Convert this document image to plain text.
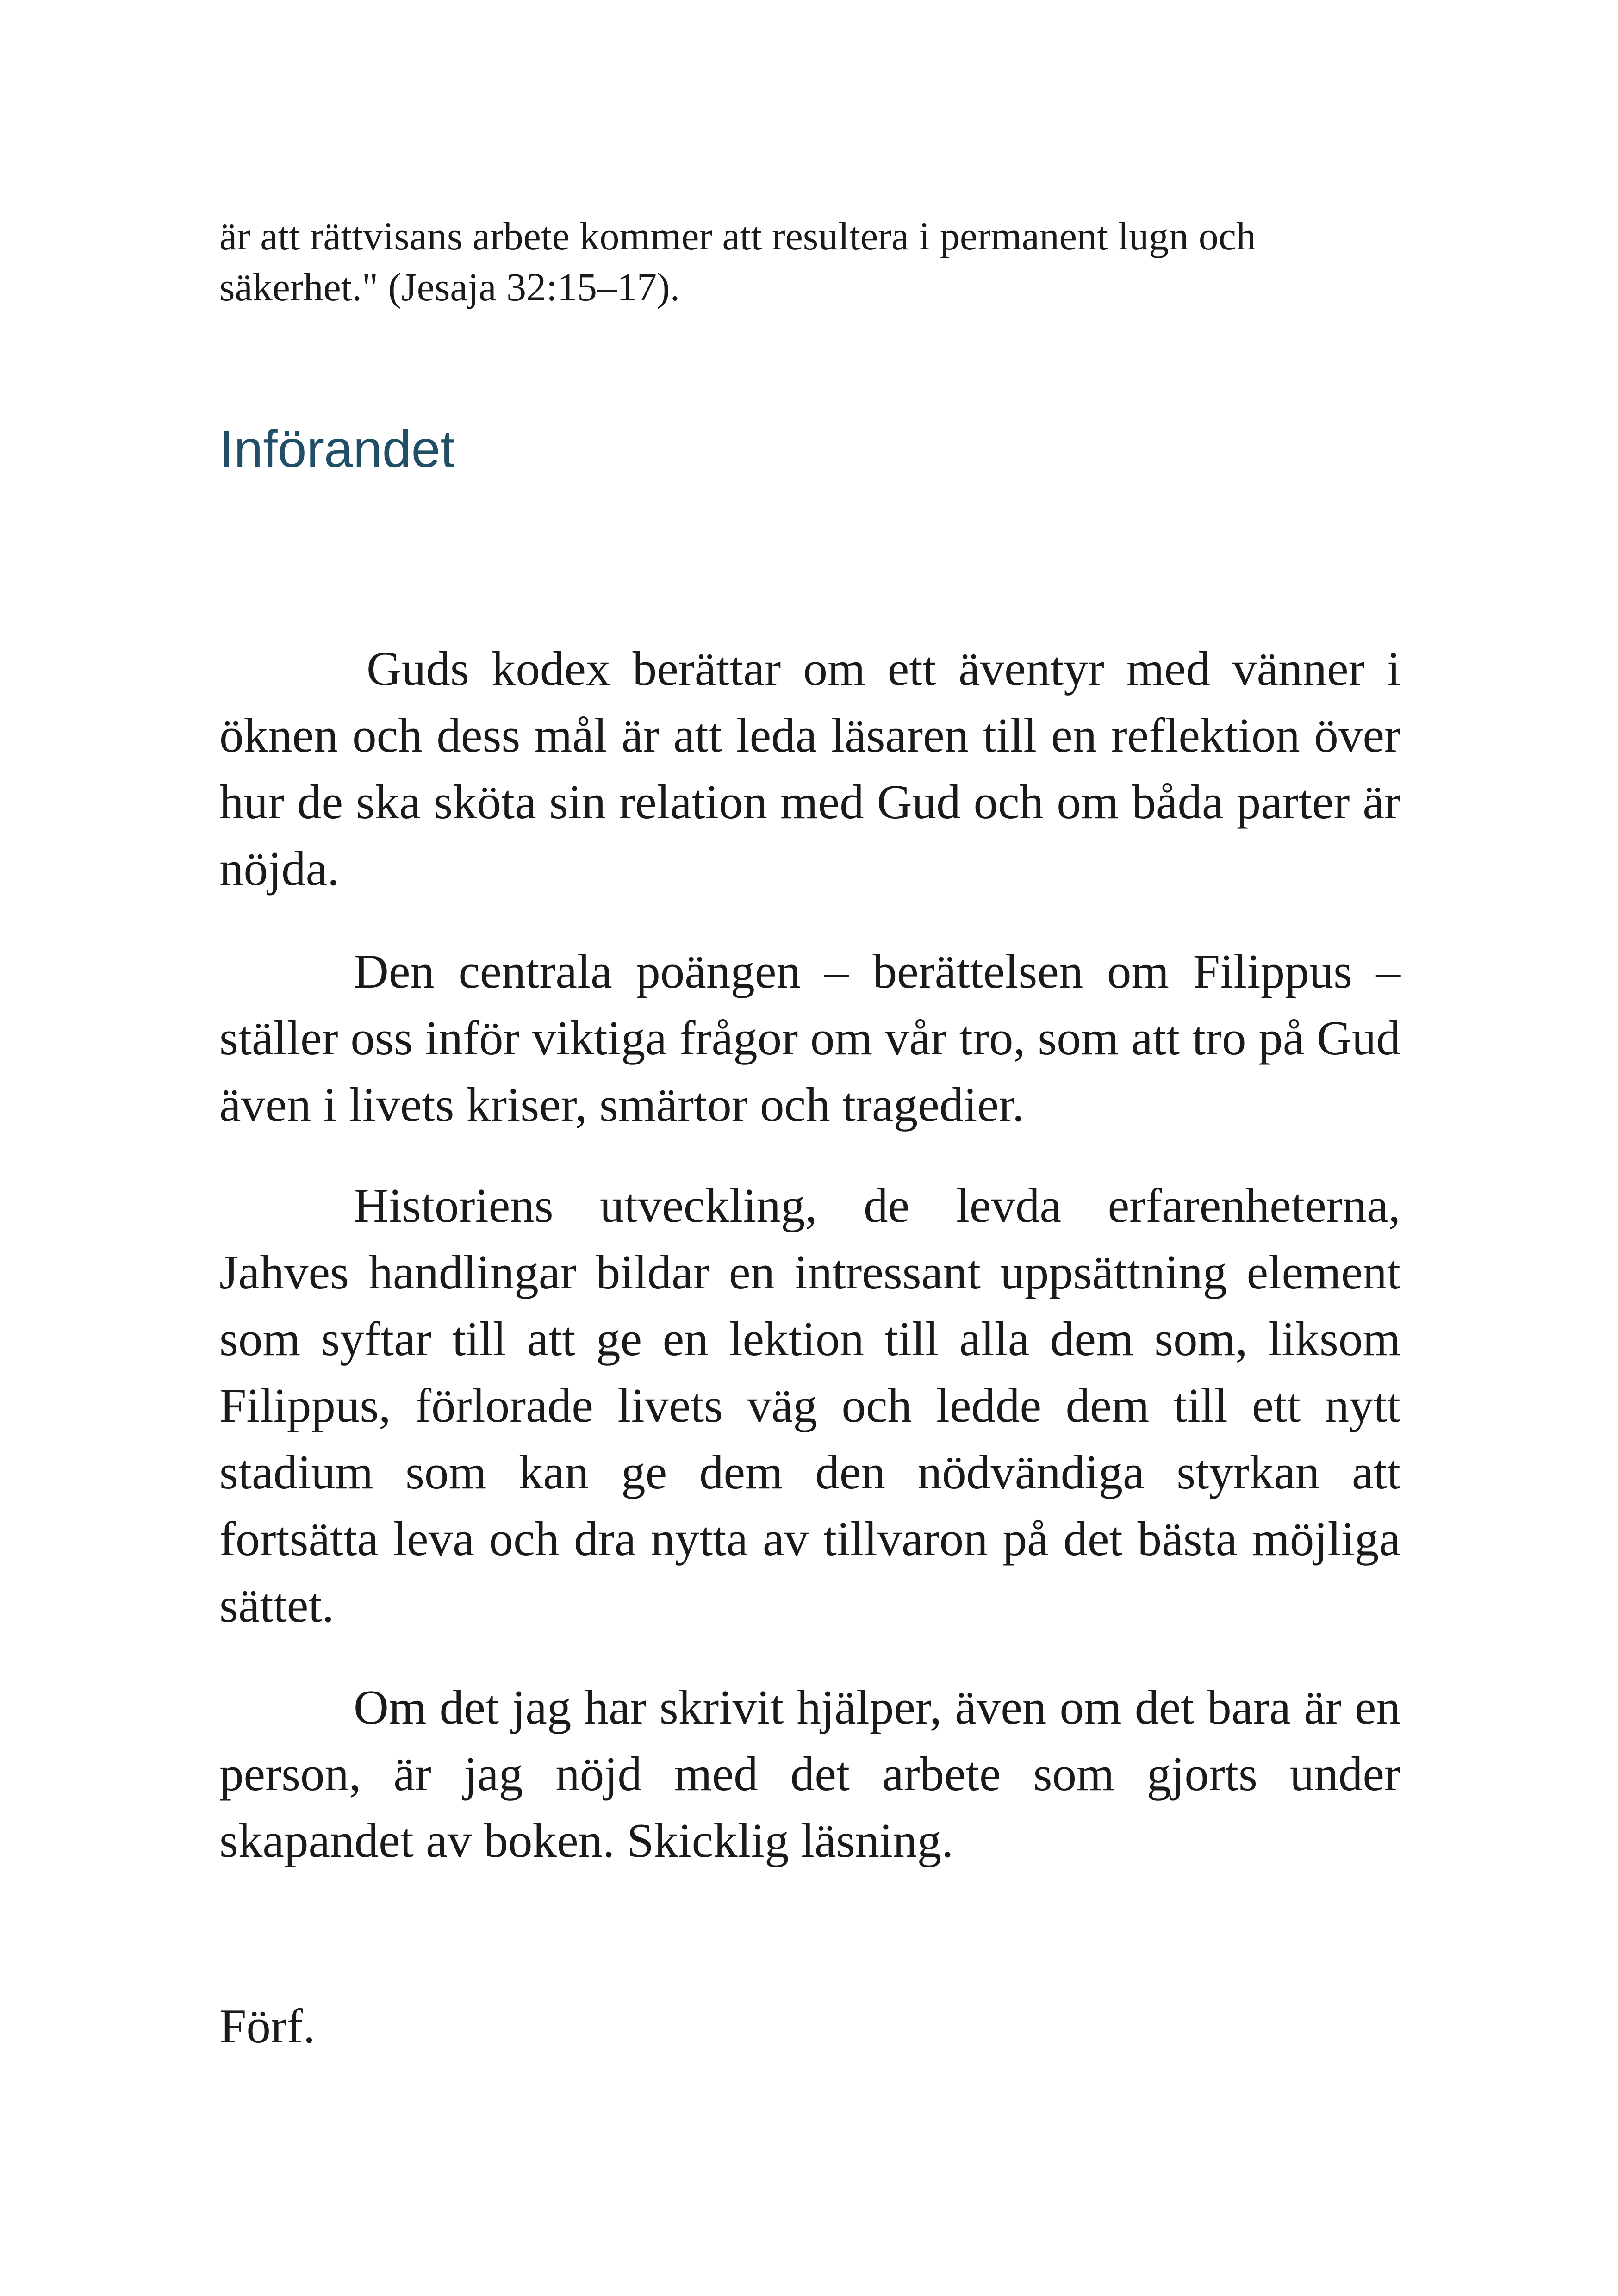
är att rättvisans arbete kommer att resultera i permanent lugn och säkerhet." (Jesaja 32:15–17).

Införandet

Guds kodex berättar om ett äventyr med vänner i öknen och dess mål är att leda läsaren till en reflektion över hur de ska sköta sin relation med Gud och om båda parter är nöjda.

Den centrala poängen – berättelsen om Filippus – ställer oss inför viktiga frågor om vår tro, som att tro på Gud även i livets kriser, smärtor och tragedier.

Historiens utveckling, de levda erfarenheterna, Jahves handlingar bildar en intressant uppsättning element som syftar till att ge en lektion till alla dem som, liksom Filippus, förlorade livets väg och ledde dem till ett nytt stadium som kan ge dem den nödvändiga styrkan att fortsätta leva och dra nytta av tillvaron på det bästa möjliga sättet.

Om det jag har skrivit hjälper, även om det bara är en person, är jag nöjd med det arbete som gjorts under skapandet av boken. Skicklig läsning.

Förf.
